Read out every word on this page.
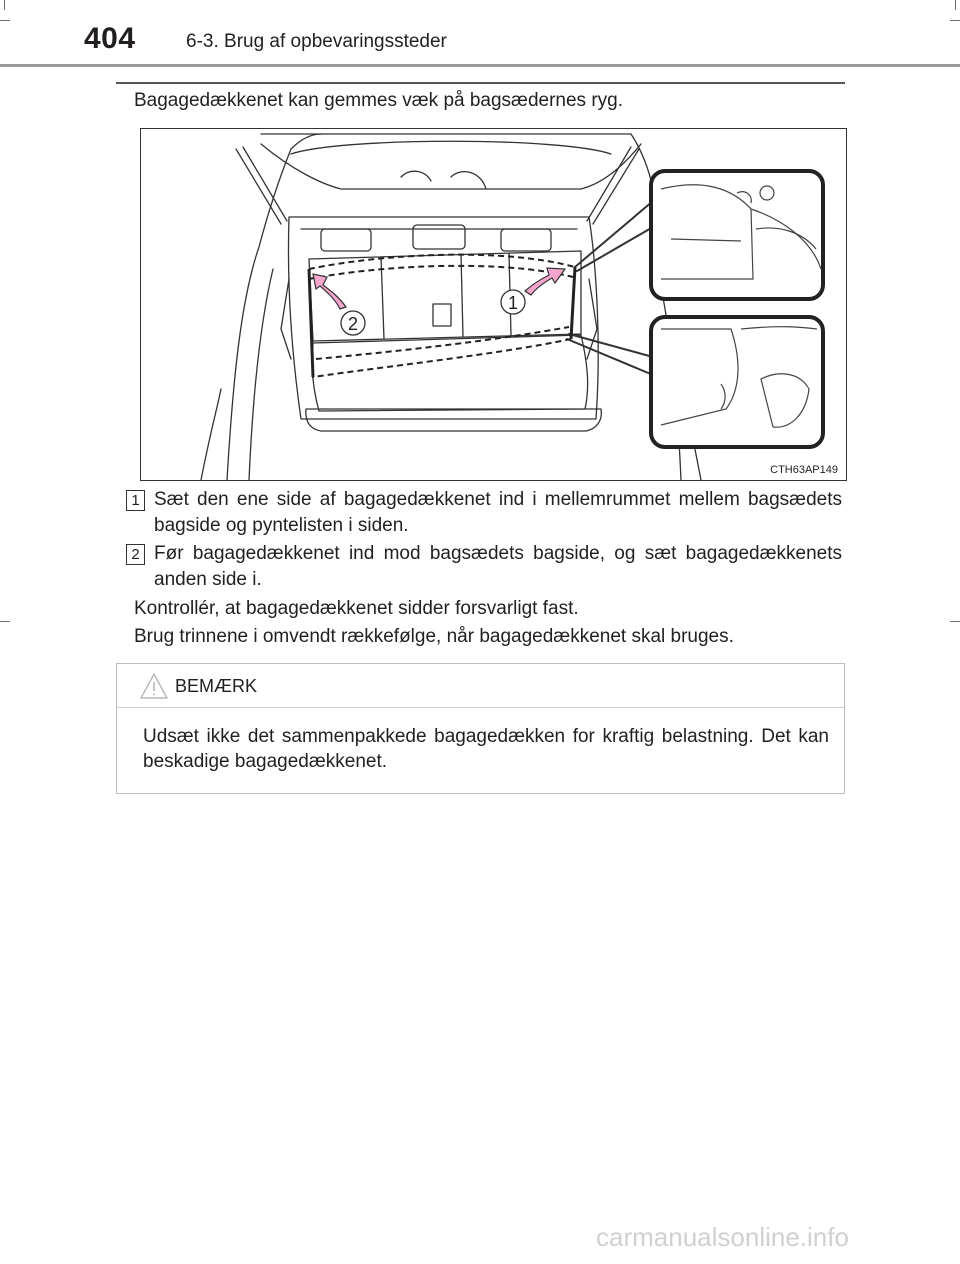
404	6-3. Brug af opbevaringssteder
Bagagedækkenet kan gemmes væk på bagsædernes ryg.
1
2
CTH63AP149
1 Sæt den ene side af bagagedækkenet ind i mellemrummet mellem bagsædets bagside og pyntelisten i siden.
2 Før bagagedækkenet ind mod bagsædets bagside, og sæt bagagedækkenets anden side i.
Kontrollér, at bagagedækkenet sidder forsvarligt fast.
Brug trinnene i omvendt rækkefølge, når bagagedækkenet skal bruges.
BEMÆRK
Udsæt ikke det sammenpakkede bagagedækken for kraftig belastning. Det kan beskadige bagagedækkenet.
carmanualsonline.info
